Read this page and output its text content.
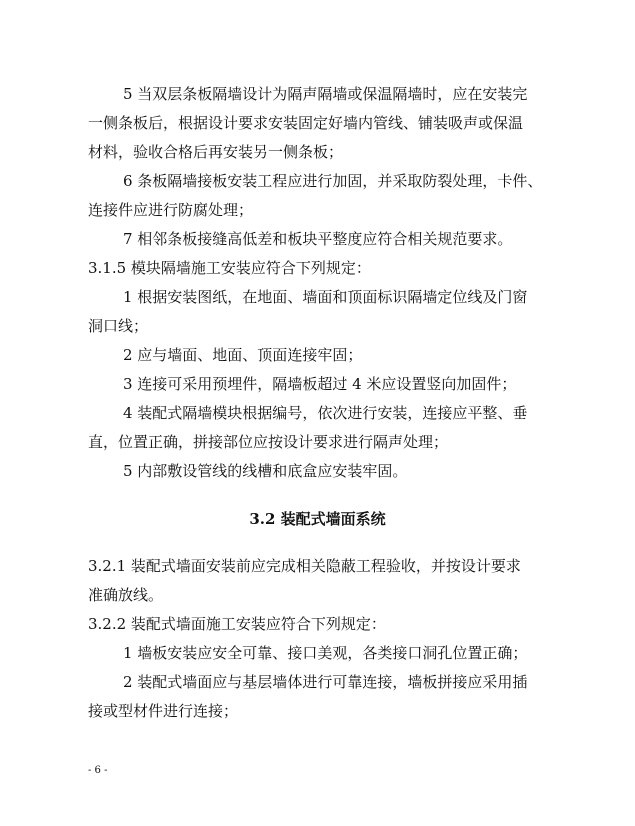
5 当双层条板隔墙设计为隔声隔墙或保温隔墙时，应在安装完
一侧条板后，根据设计要求安装固定好墙内管线、铺装吸声或保温
材料，验收合格后再安装另一侧条板；
6 条板隔墙接板安装工程应进行加固，并采取防裂处理，卡件、
连接件应进行防腐处理；
7 相邻条板接缝高低差和板块平整度应符合相关规范要求。
3.1.5 模块隔墙施工安装应符合下列规定：
1 根据安装图纸，在地面、墙面和顶面标识隔墙定位线及门窗
洞口线；
2 应与墙面、地面、顶面连接牢固；
3 连接可采用预埋件，隔墙板超过 4 米应设置竖向加固件；
4 装配式隔墙模块根据编号，依次进行安装，连接应平整、垂
直，位置正确，拼接部位应按设计要求进行隔声处理；
5 内部敷设管线的线槽和底盒应安装牢固。
3.2 装配式墙面系统
3.2.1 装配式墙面安装前应完成相关隐蔽工程验收，并按设计要求
准确放线。
3.2.2 装配式墙面施工安装应符合下列规定：
1 墙板安装应安全可靠、接口美观，各类接口洞孔位置正确；
2 装配式墙面应与基层墙体进行可靠连接，墙板拼接应采用插
接或型材件进行连接；
- 6 -
